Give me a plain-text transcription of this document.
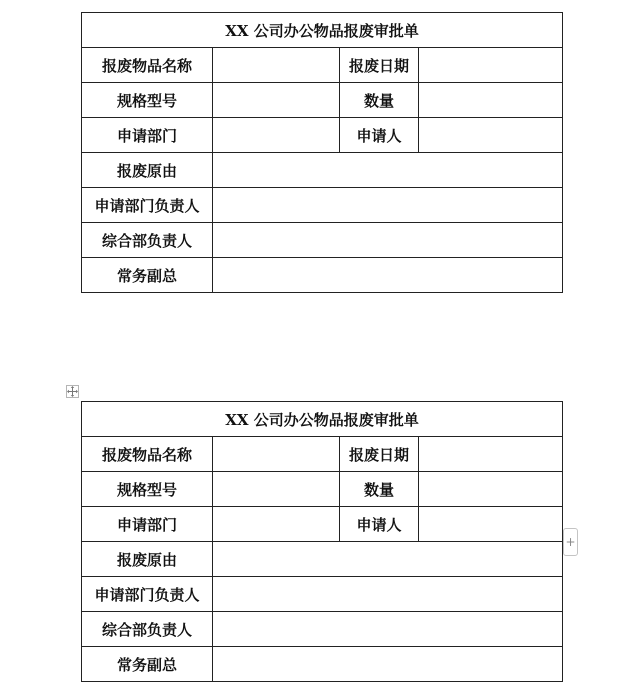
XX 公司办公物品报废审批单			
报废物品名称		报废日期	
规格型号		数量	
申请部门		申请人	
报废原由			
申请部门负责人			
综合部负责人			
常务副总			
XX 公司办公物品报废审批单			
报废物品名称		报废日期	
规格型号		数量	
申请部门		申请人	
报废原由			
申请部门负责人			
综合部负责人			
常务副总			
+
